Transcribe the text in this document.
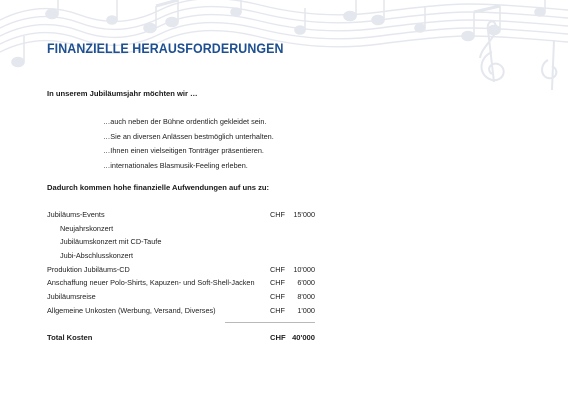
FINANZIELLE HERAUSFORDERUNGEN
In unserem Jubiläumsjahr möchten wir …
…auch neben der Bühne ordentlich gekleidet sein.
…Sie an diversen Anlässen bestmöglich unterhalten.
…Ihnen einen vielseitigen Tonträger präsentieren.
…internationales Blasmusik-Feeling erleben.
Dadurch kommen hohe finanzielle Aufwendungen auf uns zu:
Jubiläums-Events	CHF 15'000
Neujahrskonzert
Jubiläumskonzert mit CD-Taufe
Jubi-Abschlusskonzert
Produktion Jubiläums-CD	CHF 10'000
Anschaffung neuer Polo-Shirts, Kapuzen- und Soft-Shell-Jacken CHF 6'000
Jubiläumsreise	CHF 8'000
Allgemeine Unkosten (Werbung, Versand, Diverses)	CHF 1'000
Total Kosten	CHF 40'000
